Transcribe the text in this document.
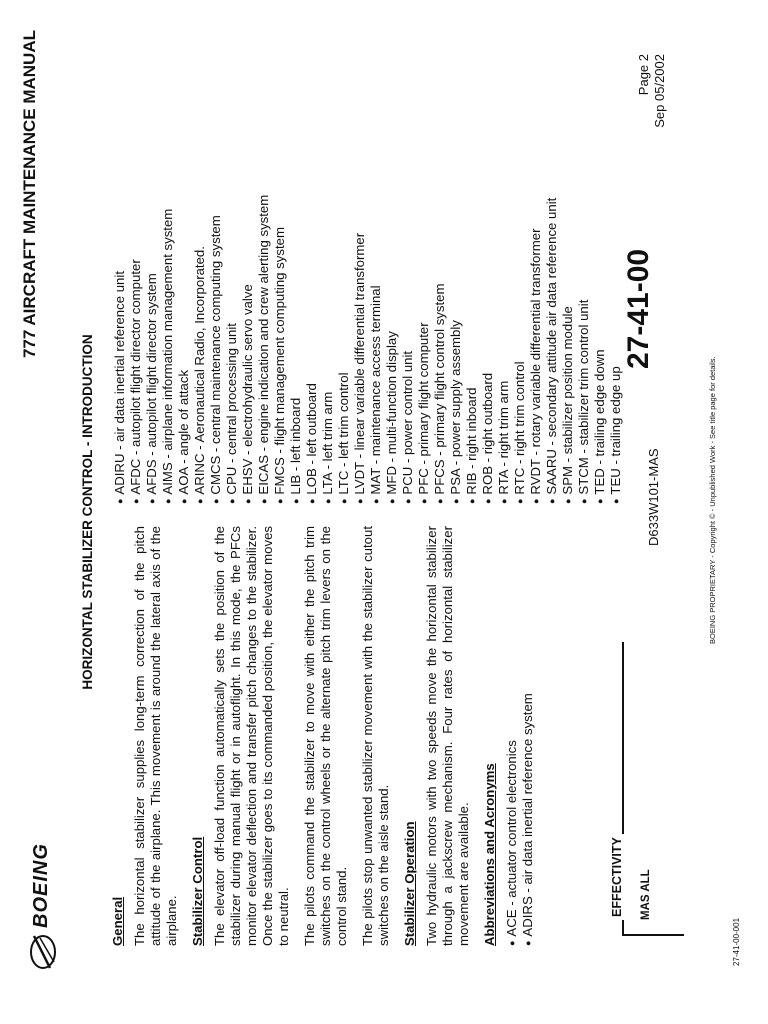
BOEING
777 AIRCRAFT MAINTENANCE MANUAL
HORIZONTAL STABILIZER CONTROL - INTRODUCTION
General The horizontal stabilizer supplies long-term correction of the pitch attitude of the airplane. This movement is around the lateral axis of the airplane. Stabilizer Control The elevator off-load function automatically sets the position of the stabilizer during manual flight or in autoflight. In this mode, the PFCs monitor elevator deflection and transfer pitch changes to the stabilizer. Once the stabilizer goes to its commanded position, the elevator moves to neutral. The pilots command the stabilizer to move with either the pitch trim switches on the control wheels or the alternate pitch trim levers on the control stand. The pilots stop unwanted stabilizer movement with the stabilizer cutout switches on the aisle stand. Stabilizer Operation Two hydraulic motors with two speeds move the horizontal stabilizer through a jackscrew mechanism. Four rates of horizontal stabilizer movement are available. Abbreviations and Acronyms ● ACE - actuator control electronics ● ADIRS - air data inertial reference system
● ADIRU - air data inertial reference unit ● AFDC - autopilot flight director computer ● AFDS - autopilot flight director system ● AIMS - airplane information management system ● AOA - angle of attack ● ARINC - Aeronautical Radio, Incorporated. ● CMCS - central maintenance computing system ● CPU - central processing unit ● EHSV - electrohydraulic servo valve ● EICAS - engine indication and crew alerting system ● FMCS - flight management computing system ● LIB - left inboard ● LOB - left outboard ● LTA - left trim arm ● LTC - left trim control ● LVDT - linear variable differential transformer ● MAT - maintenance access terminal ● MFD - multi-function display ● PCU - power control unit ● PFC - primary flight computer ● PFCS - primary flight control system ● PSA - power supply assembly ● RIB - right inboard ● ROB - right outboard ● RTA - right trim arm ● RTC - right trim control ● RVDT - rotary variable differential transformer ● SAARU - secondary attitude air data reference unit ● SPM - stabilizer position module ● STCM - stabilizer trim control unit ● TED - trailing edge down ● TEU - trailing edge up
EFFECTIVITY MAS ALL
D633W101-MAS
27-41-00
Page 2 Sep 05/2002
BOEING PROPRIETARY - Copyright © - Unpublished Work - See title page for details.
27-41-00-001
